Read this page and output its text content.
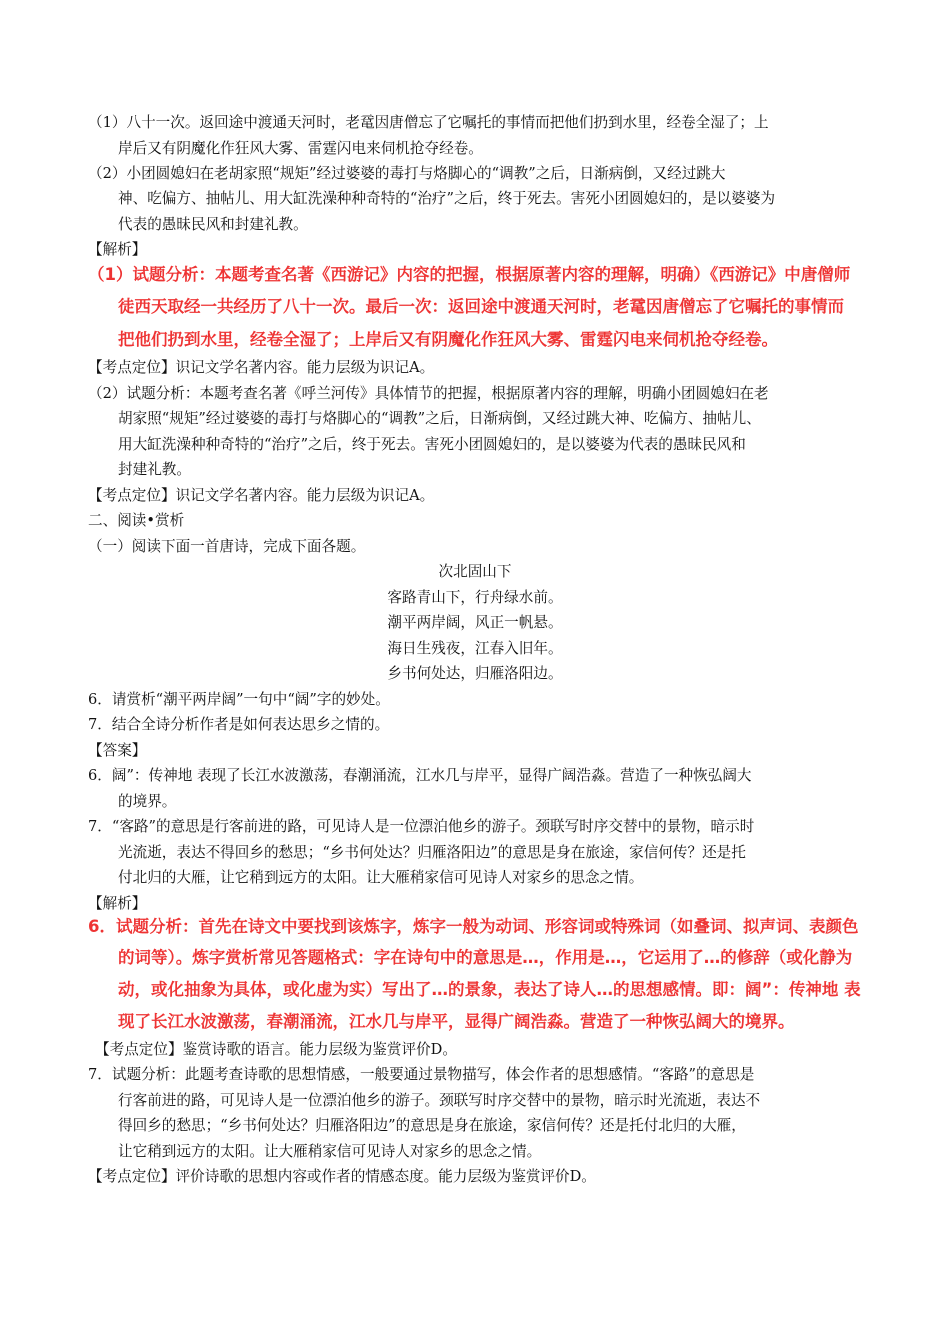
（1）八十一次。返回途中渡通天河时，老鼋因唐僧忘了它嘱托的事情而把他们扔到水里，经卷全湿了；上
岸后又有阴魔化作狂风大雾、雷霆闪电来伺机抢夺经卷。
（2）小团圆媳妇在老胡家照“规矩”经过婆婆的毒打与烙脚心的“调教”之后，日渐病倒，又经过跳大
神、吃偏方、抽帖儿、用大缸洗澡种种奇特的“治疗”之后，终于死去。害死小团圆媳妇的，是以婆婆为
代表的愚昧民风和封建礼教。
【解析】
（1）试题分析：本题考查名著《西游记》内容的把握，根据原著内容的理解，明确）《西游记》中唐僧师
徒西天取经一共经历了八十一次。最后一次：返回途中渡通天河时，老鼋因唐僧忘了它嘱托的事情而
把他们扔到水里，经卷全湿了；上岸后又有阴魔化作狂风大雾、雷霆闪电来伺机抢夺经卷。
【考点定位】识记文学名著内容。能力层级为识记A。
（2）试题分析：本题考查名著《呼兰河传》具体情节的把握，根据原著内容的理解，明确小团圆媳妇在老
胡家照“规矩”经过婆婆的毒打与烙脚心的“调教”之后，日渐病倒，又经过跳大神、吃偏方、抽帖儿、
用大缸洗澡种种奇特的“治疗”之后，终于死去。害死小团圆媳妇的，是以婆婆为代表的愚昧民风和
封建礼教。
【考点定位】识记文学名著内容。能力层级为识记A。
二、阅读•赏析
（一）阅读下面一首唐诗，完成下面各题。
次北固山下
客路青山下，行舟绿水前。
潮平两岸阔，风正一帆悬。
海日生残夜，江春入旧年。
乡书何处达，归雁洛阳边。
6．请赏析“潮平两岸阔”一句中“阔”字的妙处。
7．结合全诗分析作者是如何表达思乡之情的。
【答案】
6．阔”：传神地 表现了长江水波激荡，春潮涌流，江水几与岸平，显得广阔浩淼。营造了一种恢弘阔大
的境界。
7．“客路”的意思是行客前进的路，可见诗人是一位漂泊他乡的游子。颈联写时序交替中的景物，暗示时
光流逝，表达不得回乡的愁思；“乡书何处达？归雁洛阳边”的意思是身在旅途，家信何传？还是托
付北归的大雁，让它稍到远方的太阳。让大雁稍家信可见诗人对家乡的思念之情。
【解析】
6．试题分析：首先在诗文中要找到该炼字，炼字一般为动词、形容词或特殊词（如叠词、拟声词、表颜色
的词等）。炼字赏析常见答题格式：字在诗句中的意思是…，作用是…，它运用了…的修辞（或化静为
动，或化抽象为具体，或化虚为实）写出了…的景象，表达了诗人…的思想感情。即：阔”：传神地 表
现了长江水波激荡，春潮涌流，江水几与岸平，显得广阔浩淼。营造了一种恢弘阔大的境界。
【考点定位】鉴赏诗歌的语言。能力层级为鉴赏评价D。
7．试题分析：此题考查诗歌的思想情感，一般要通过景物描写，体会作者的思想感情。“客路”的意思是
行客前进的路，可见诗人是一位漂泊他乡的游子。颈联写时序交替中的景物，暗示时光流逝，表达不
得回乡的愁思；“乡书何处达？归雁洛阳边”的意思是身在旅途，家信何传？还是托付北归的大雁，
让它稍到远方的太阳。让大雁稍家信可见诗人对家乡的思念之情。
【考点定位】评价诗歌的思想内容或作者的情感态度。能力层级为鉴赏评价D。
